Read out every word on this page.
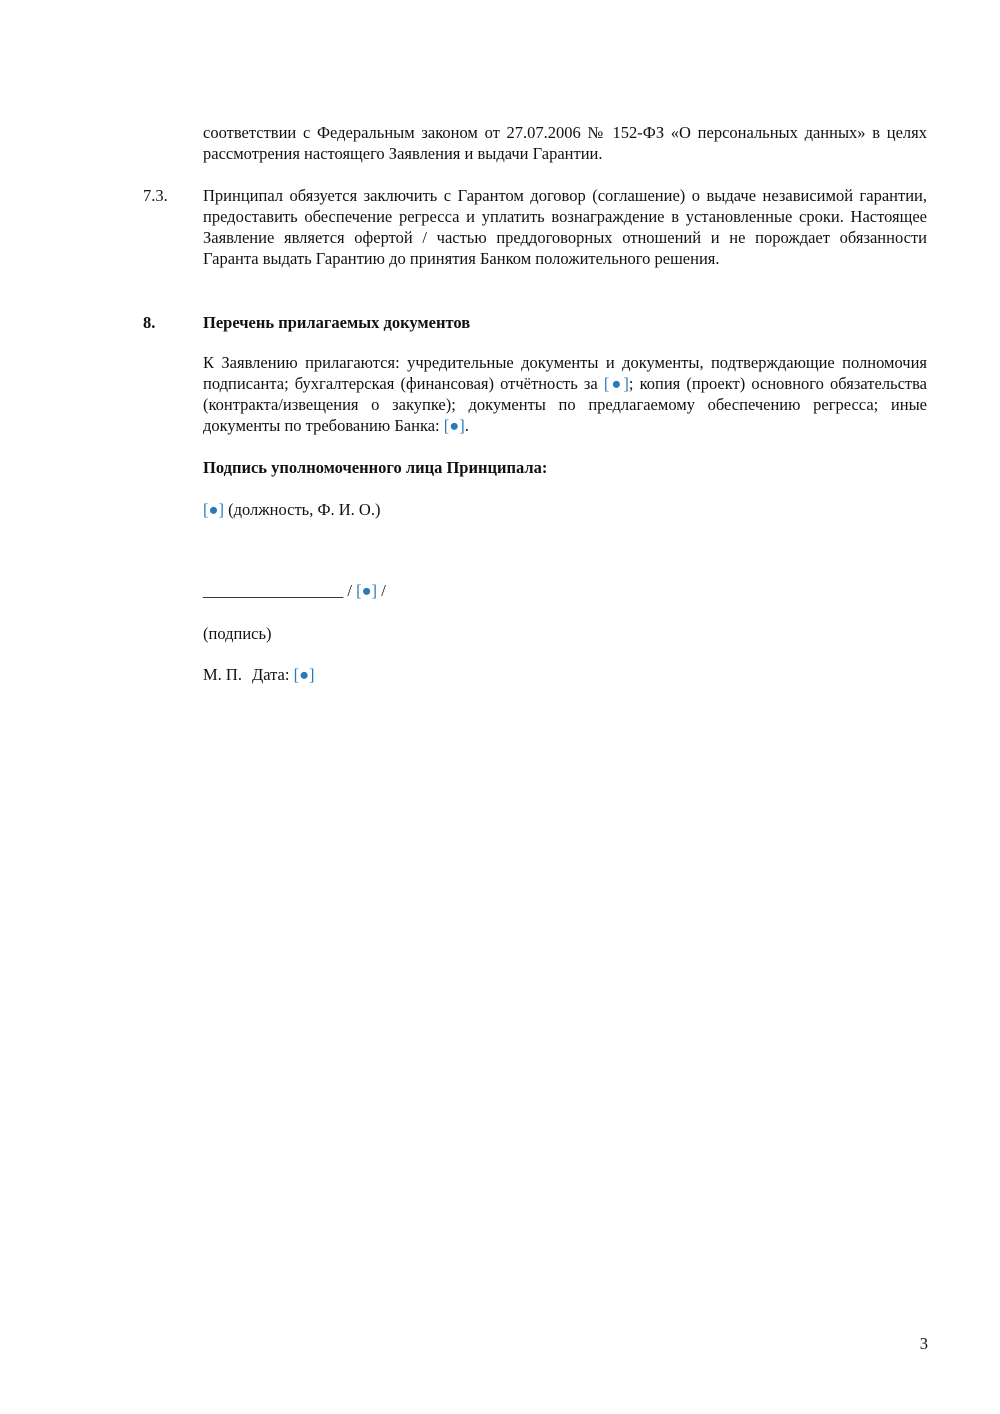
соответствии с Федеральным законом от 27.07.2006 № 152-ФЗ «О персональных данных» в целях рассмотрения настоящего Заявления и выдачи Гарантии.
7.3. Принципал обязуется заключить с Гарантом договор (соглашение) о выдаче независимой гарантии, предоставить обеспечение регресса и уплатить вознаграждение в установленные сроки. Настоящее Заявление является офертой / частью преддоговорных отношений и не порождает обязанности Гаранта выдать Гарантию до принятия Банком положительного решения.
8.	Перечень прилагаемых документов
К Заявлению прилагаются: учредительные документы и документы, подтверждающие полномочия подписанта; бухгалтерская (финансовая) отчётность за [●]; копия (проект) основного обязательства (контракта/извещения о закупке); документы по предлагаемому обеспечению регресса; иные документы по требованию Банка: [●].
Подпись уполномоченного лица Принципала:
[●] (должность, Ф. И. О.)
_________________ / [●] /
(подпись)
М. П. Дата: [●]
3
